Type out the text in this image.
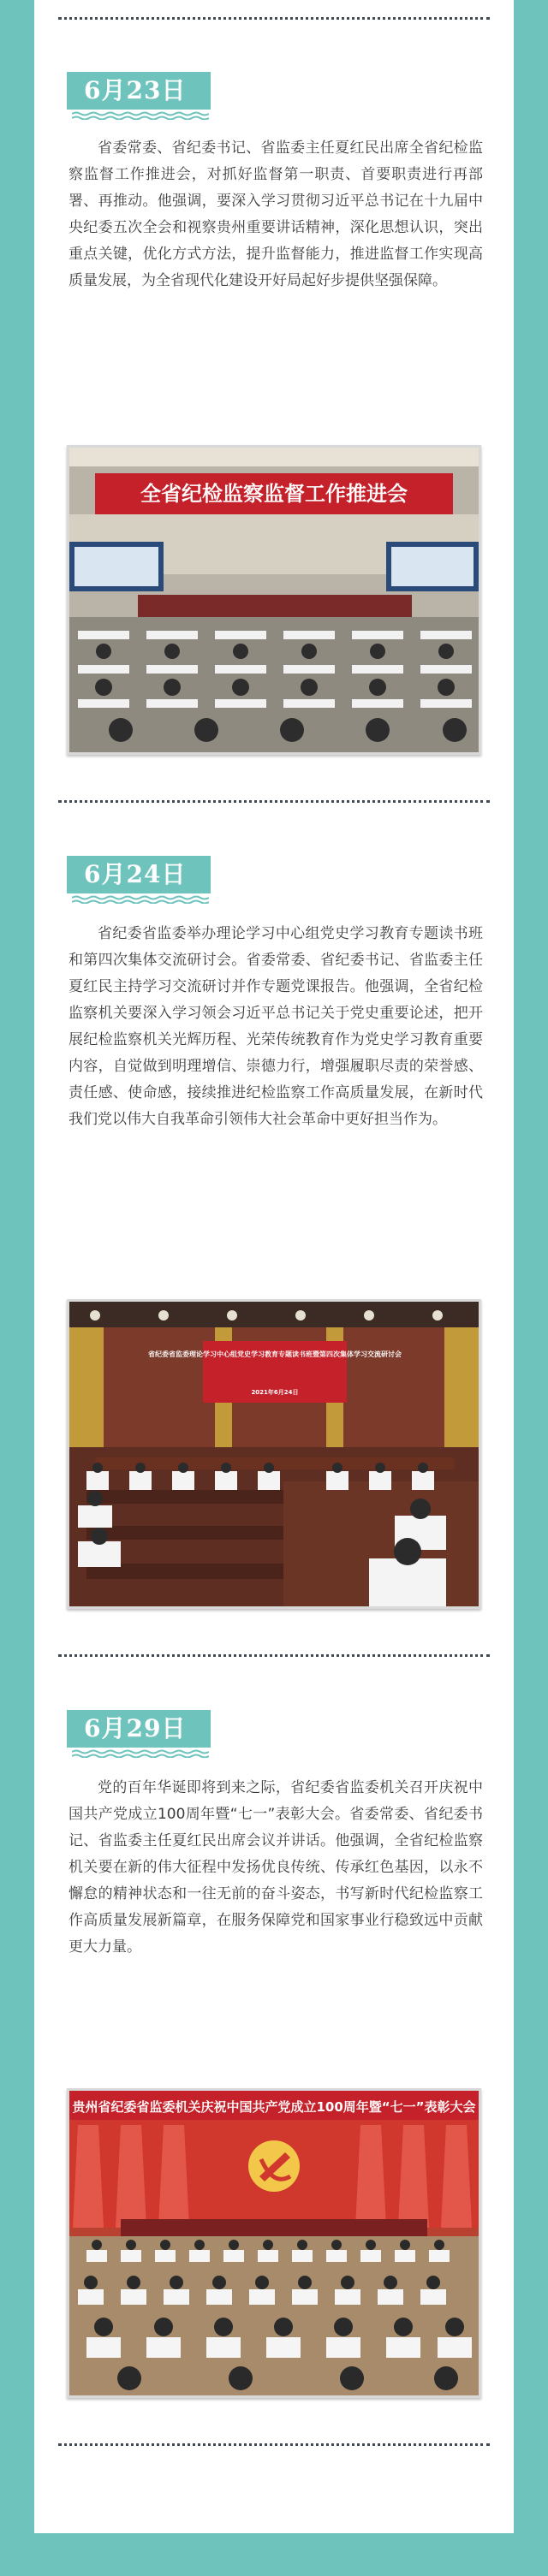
6月23日

省委常委、省纪委书记、省监委主任夏红民出席全省纪检监察监督工作推进会，对抓好监督第一职责、首要职责进行再部署、再推动。他强调，要深入学习贯彻习近平总书记在十九届中央纪委五次全会和视察贵州重要讲话精神，深化思想认识，突出重点关键，优化方式方法，提升监督能力，推进监督工作实现高质量发展，为全省现代化建设开好局起好步提供坚强保障。

全省纪检监察监督工作推进会
6月24日

省纪委省监委举办理论学习中心组党史学习教育专题读书班和第四次集体交流研讨会。省委常委、省纪委书记、省监委主任夏红民主持学习交流研讨并作专题党课报告。他强调，全省纪检监察机关要深入学习领会习近平总书记关于党史重要论述，把开展纪检监察机关光辉历程、光荣传统教育作为党史学习教育重要内容，自觉做到明理增信、崇德力行，增强履职尽责的荣誉感、责任感、使命感，接续推进纪检监察工作高质量发展，在新时代我们党以伟大自我革命引领伟大社会革命中更好担当作为。

省纪委省监委理论学习中心组党史学习教育专题读书班暨第四次集体学习交流研讨会
2021年6月24日
6月29日

党的百年华诞即将到来之际，省纪委省监委机关召开庆祝中国共产党成立100周年暨“七一”表彰大会。省委常委、省纪委书记、省监委主任夏红民出席会议并讲话。他强调，全省纪检监察机关要在新的伟大征程中发扬优良传统、传承红色基因，以永不懈怠的精神状态和一往无前的奋斗姿态，书写新时代纪检监察工作高质量发展新篇章，在服务保障党和国家事业行稳致远中贡献更大力量。

贵州省纪委省监委机关庆祝中国共产党成立100周年暨“七一”表彰大会
